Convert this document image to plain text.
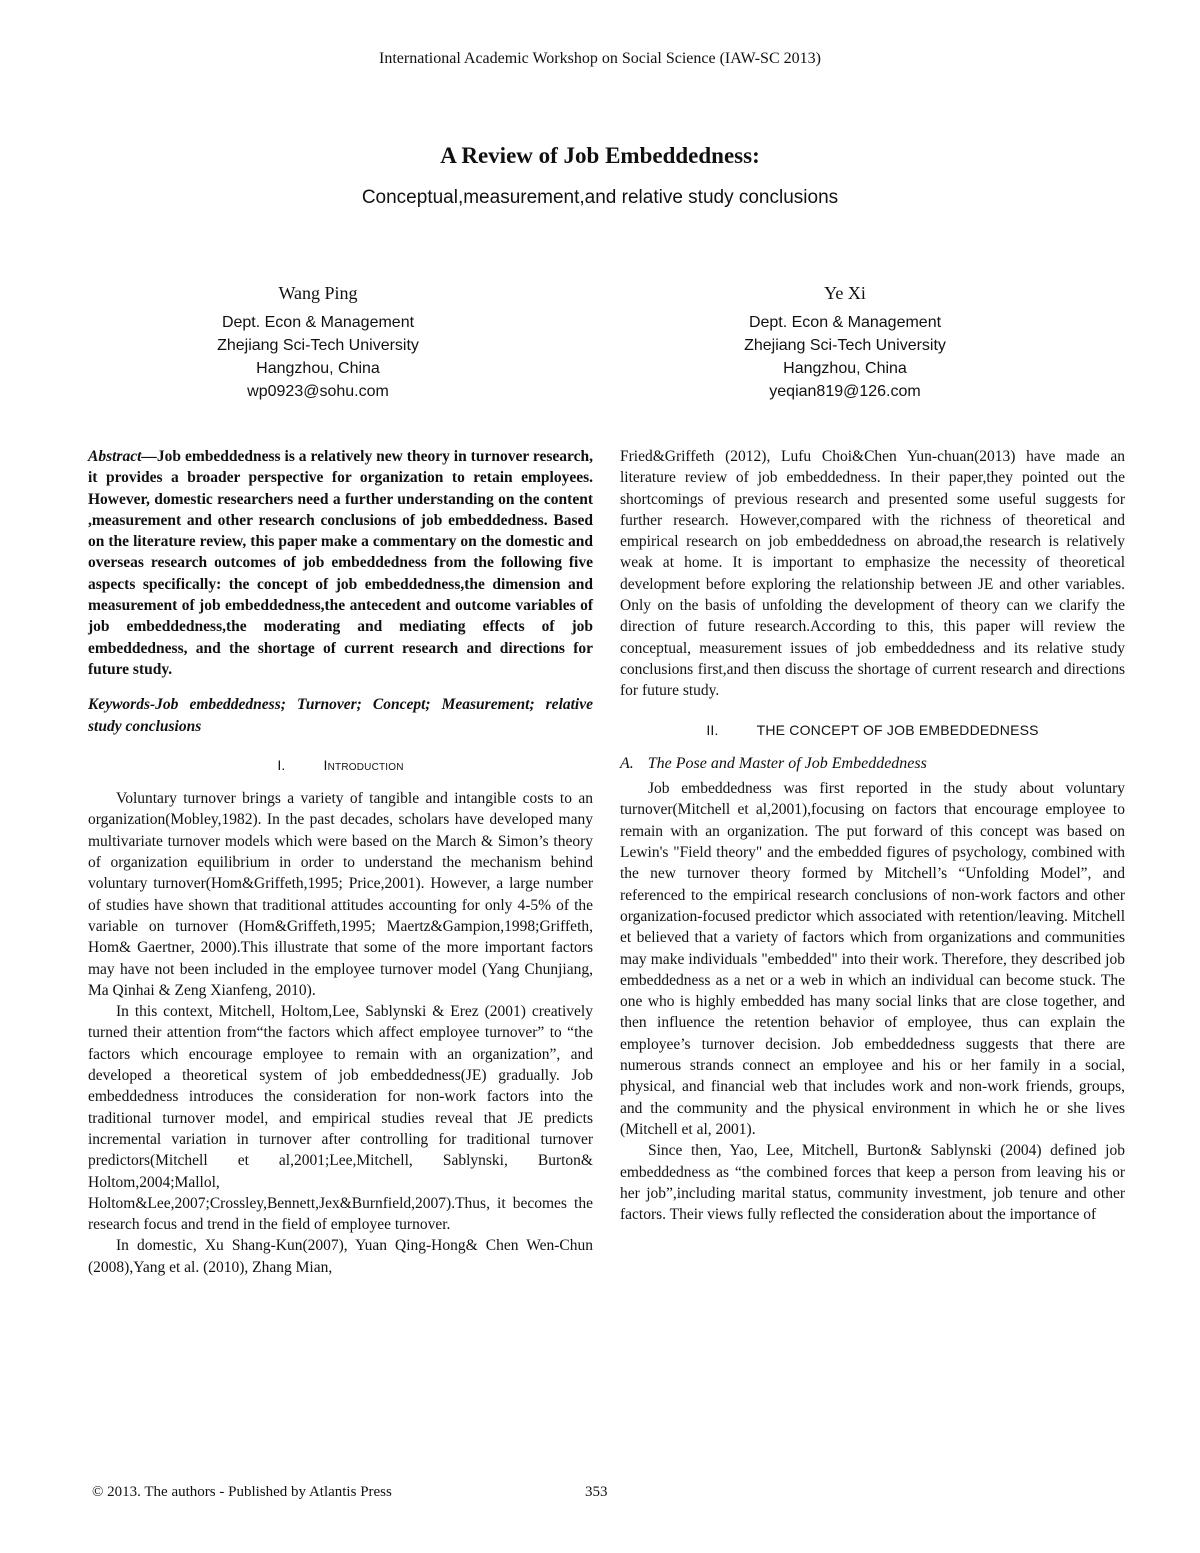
International Academic Workshop on Social Science (IAW-SC 2013)
A Review of Job Embeddedness:
Conceptual,measurement,and relative study conclusions
Wang Ping
Dept. Econ & Management
Zhejiang Sci-Tech University
Hangzhou, China
wp0923@sohu.com
Ye Xi
Dept. Econ & Management
Zhejiang Sci-Tech University
Hangzhou, China
yeqian819@126.com

Abstract—Job embeddedness is a relatively new theory in turnover research, it provides a broader perspective for organization to retain employees. However, domestic researchers need a further understanding on the content ,measurement and other research conclusions of job embeddedness. Based on the literature review, this paper make a commentary on the domestic and overseas research outcomes of job embeddedness from the following five aspects specifically: the concept of job embeddedness,the dimension and measurement of job embeddedness,the antecedent and outcome variables of job embeddedness,the moderating and mediating effects of job embeddedness, and the shortage of current research and directions for future study.

Keywords-Job embeddedness; Turnover; Concept; Measurement; relative study conclusions

I.	Introduction

Voluntary turnover brings a variety of tangible and intangible costs to an organization(Mobley,1982). In the past decades, scholars have developed many multivariate turnover models which were based on the March & Simon’s theory of organization equilibrium in order to understand the mechanism behind voluntary turnover(Hom&Griffeth,1995; Price,2001). However, a large number of studies have shown that traditional attitudes accounting for only 4-5% of the variable on turnover (Hom&Griffeth,1995; Maertz&Gampion,1998;Griffeth, Hom& Gaertner, 2000).This illustrate that some of the more important factors may have not been included in the employee turnover model (Yang Chunjiang, Ma Qinhai & Zeng Xianfeng, 2010).

In this context, Mitchell, Holtom,Lee, Sablynski & Erez (2001) creatively turned their attention from“the factors which affect employee turnover” to “the factors which encourage employee to remain with an organization”, and developed a theoretical system of job embeddedness(JE) gradually. Job embeddedness introduces the consideration for non-work factors into the traditional turnover model, and empirical studies reveal that JE predicts incremental variation in turnover after controlling for traditional turnover predictors(Mitchell et al,2001;Lee,Mitchell, Sablynski, Burton& Holtom,2004;Mallol, Holtom&Lee,2007;Crossley,Bennett,Jex&Burnfield,2007).Thus, it becomes the research focus and trend in the field of employee turnover.

In domestic, Xu Shang-Kun(2007), Yuan Qing-Hong& Chen Wen-Chun (2008),Yang et al. (2010), Zhang Mian,

Fried&Griffeth (2012), Lufu Choi&Chen Yun-chuan(2013) have made an literature review of job embeddedness. In their paper,they pointed out the shortcomings of previous research and presented some useful suggests for further research. However,compared with the richness of theoretical and empirical research on job embeddedness on abroad,the research is relatively weak at home. It is important to emphasize the necessity of theoretical development before exploring the relationship between JE and other variables. Only on the basis of unfolding the development of theory can we clarify the direction of future research.According to this, this paper will review the conceptual, measurement issues of job embeddedness and its relative study conclusions first,and then discuss the shortage of current research and directions for future study.

II.	THE CONCEPT OF JOB EMBEDDEDNESS

A. The Pose and Master of Job Embeddedness

Job embeddedness was first reported in the study about voluntary turnover(Mitchell et al,2001),focusing on factors that encourage employee to remain with an organization. The put forward of this concept was based on Lewin's "Field theory" and the embedded figures of psychology, combined with the new turnover theory formed by Mitchell’s “Unfolding Model”, and referenced to the empirical research conclusions of non-work factors and other organization-focused predictor which associated with retention/leaving. Mitchell et believed that a variety of factors which from organizations and communities may make individuals "embedded" into their work. Therefore, they described job embeddedness as a net or a web in which an individual can become stuck. The one who is highly embedded has many social links that are close together, and then influence the retention behavior of employee, thus can explain the employee’s turnover decision. Job embeddedness suggests that there are numerous strands connect an employee and his or her family in a social, physical, and financial web that includes work and non-work friends, groups, and the community and the physical environment in which he or she lives (Mitchell et al, 2001).

Since then, Yao, Lee, Mitchell, Burton& Sablynski (2004) defined job embeddedness as “the combined forces that keep a person from leaving his or her job”,including marital status, community investment, job tenure and other factors. Their views fully reflected the consideration about the importance of

© 2013. The authors - Published by Atlantis Press	353
